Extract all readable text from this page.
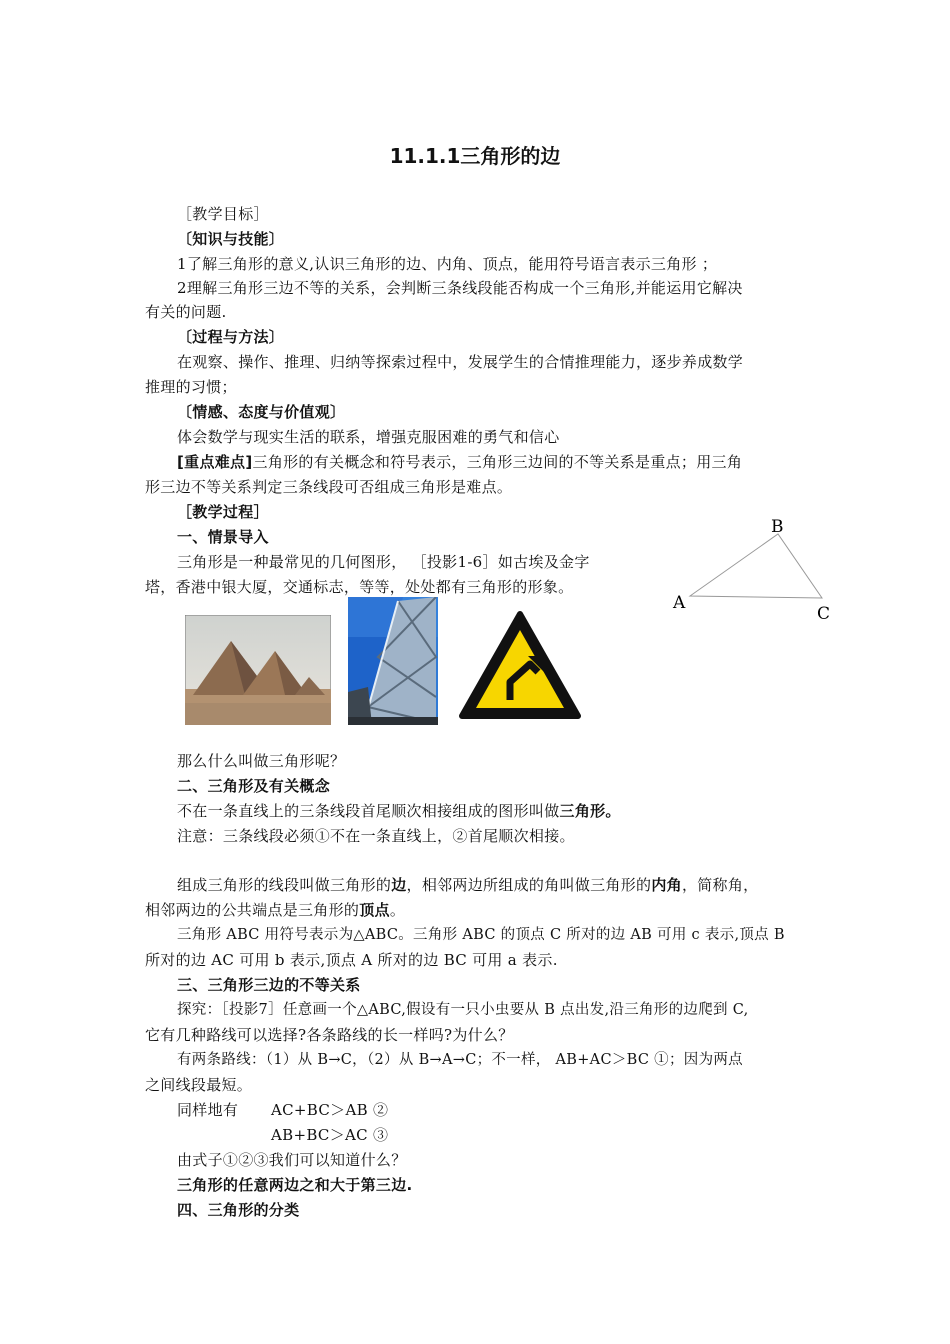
11.1.1三角形的边
［教学目标］
〔知识与技能〕
1了解三角形的意义,认识三角形的边、内角、顶点，能用符号语言表示三角形 ；
2理解三角形三边不等的关系，会判断三条线段能否构成一个三角形,并能运用它解决
有关的问题.
〔过程与方法〕
在观察、操作、推理、归纳等探索过程中，发展学生的合情推理能力，逐步养成数学
推理的习惯；
〔情感、态度与价值观〕
体会数学与现实生活的联系，增强克服困难的勇气和信心
[重点难点]三角形的有关概念和符号表示，三角形三边间的不等关系是重点；用三角
形三边不等关系判定三条线段可否组成三角形是难点。
［教学过程］
一、情景导入
三角形是一种最常见的几何图形， ［投影1-6］如古埃及金字
塔，香港中银大厦，交通标志，等等，处处都有三角形的形象。
B
A
C
那么什么叫做三角形呢？
二、三角形及有关概念
不在一条直线上的三条线段首尾顺次相接组成的图形叫做三角形。
注意：三条线段必须①不在一条直线上，②首尾顺次相接。
组成三角形的线段叫做三角形的边，相邻两边所组成的角叫做三角形的内角，简称角，
相邻两边的公共端点是三角形的顶点。
三角形 ABC 用符号表示为△ABC。三角形 ABC 的顶点 C 所对的边 AB 可用 c 表示,顶点 B
所对的边 AC 可用 b 表示,顶点 A 所对的边 BC 可用 a 表示.
三、三角形三边的不等关系
探究：［投影7］任意画一个△ABC,假设有一只小虫要从 B 点出发,沿三角形的边爬到 C,
它有几种路线可以选择?各条路线的长一样吗?为什么？
有两条路线：（1）从 B→C，（2）从 B→A→C；不一样， AB+AC＞BC ①；因为两点
之间线段最短。
同样地有 AC+BC＞AB ②
AB+BC＞AC ③
由式子①②③我们可以知道什么？
三角形的任意两边之和大于第三边.
四、三角形的分类
